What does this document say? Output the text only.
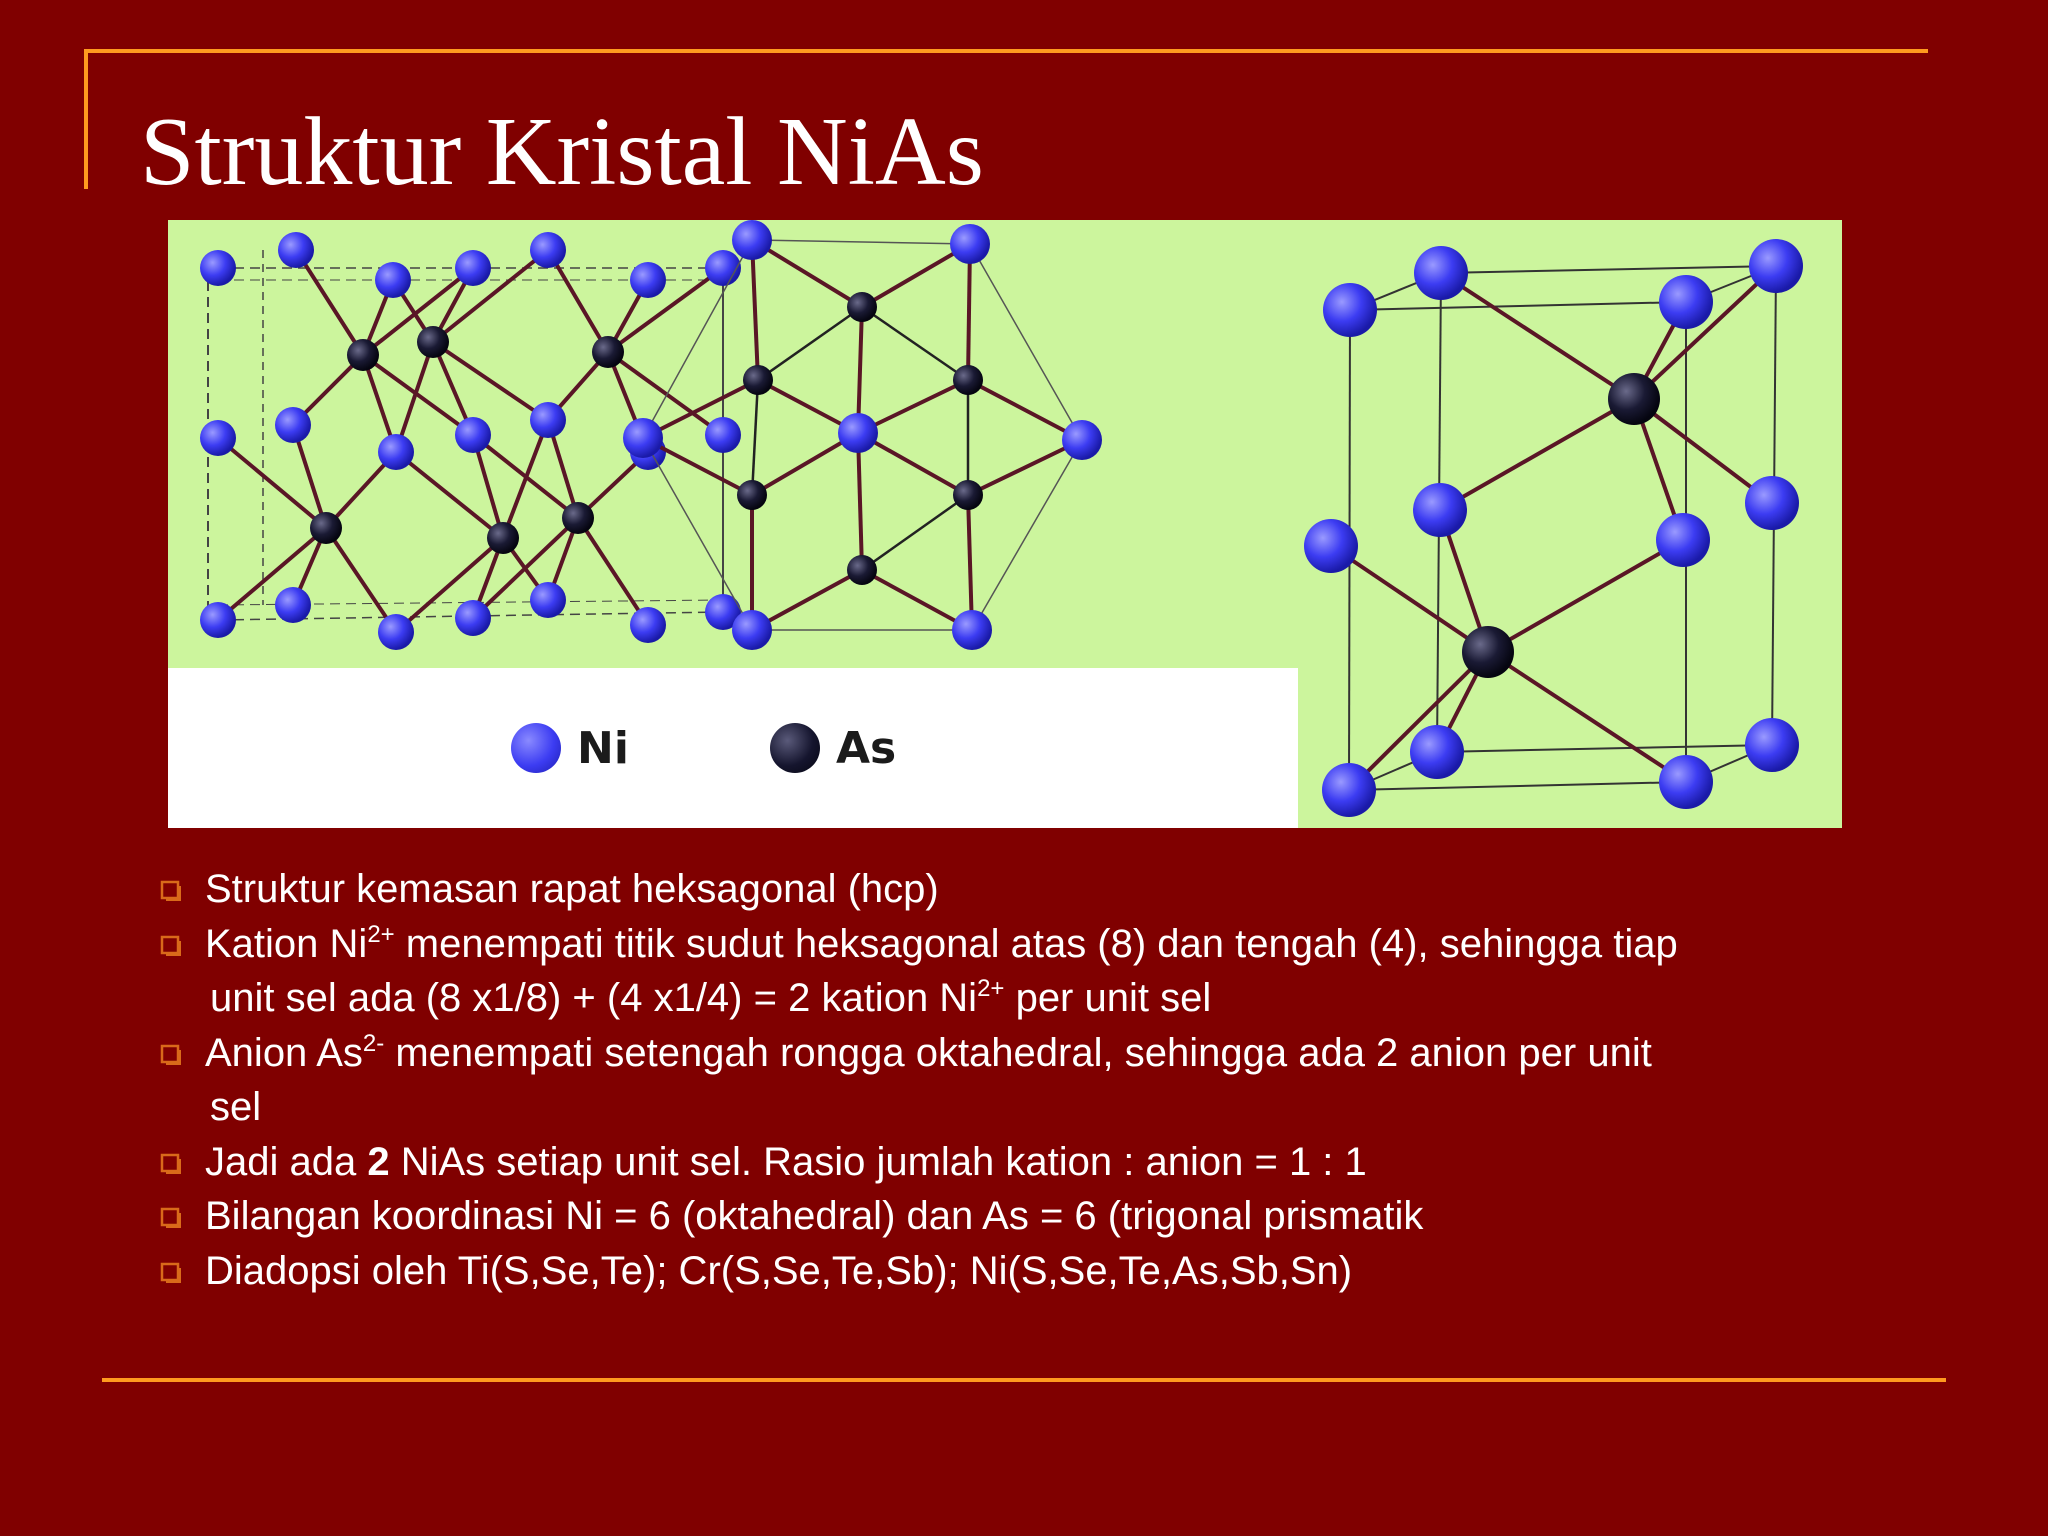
Struktur Kristal NiAs
Ni	As
Struktur kemasan rapat heksagonal (hcp)
Kation $Ni^{2+}$ menempati titik sudut heksagonal atas (8) dan tengah (4), sehingga tiap
unit sel ada (8 x1/8) + (4 x1/4) = 2 kation $Ni^{2+}$ per unit sel
Anion $As^{2-}$ menempati setengah rongga oktahedral, sehingga ada 2 anion per unit
sel
Jadi ada 2 NiAs setiap unit sel. Rasio jumlah kation : anion = 1 : 1
Bilangan koordinasi Ni = 6 (oktahedral) dan As = 6 (trigonal prismatik
Diadopsi oleh Ti(S,Se,Te); Cr(S,Se,Te,Sb); Ni(S,Se,Te,As,Sb,Sn)
